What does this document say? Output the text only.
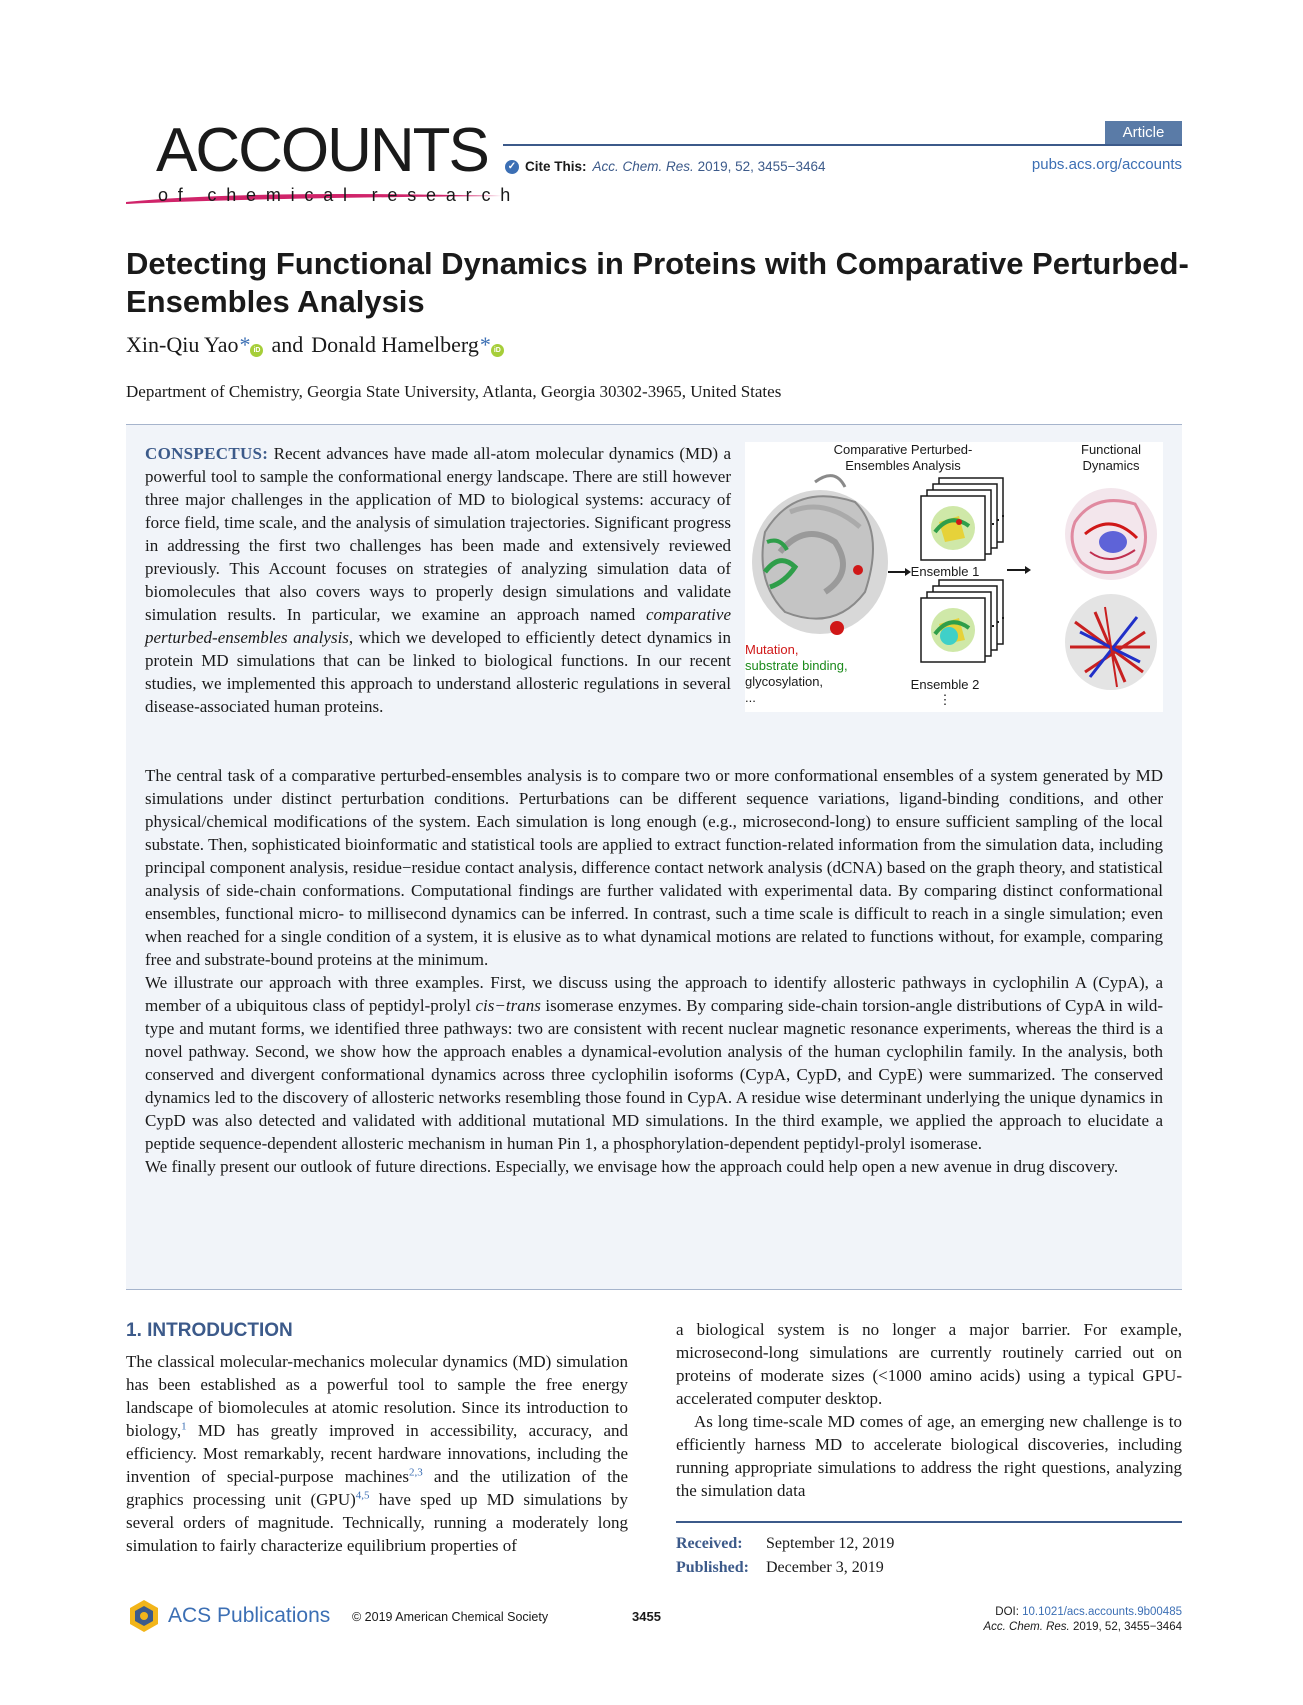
ACCOUNTS
of chemical research
Article
✓ Cite This: Acc. Chem. Res. 2019, 52, 3455−3464	pubs.acs.org/accounts
Detecting Functional Dynamics in Proteins with Comparative Perturbed-Ensembles Analysis
Xin-Qiu Yao * iD and Donald Hamelberg * iD
Department of Chemistry, Georgia State University, Atlanta, Georgia 30302-3965, United States
CONSPECTUS: Recent advances have made all-atom molecular dynamics (MD) a powerful tool to sample the conformational energy landscape. There are still however three major challenges in the application of MD to biological systems: accuracy of force field, time scale, and the analysis of simulation trajectories. Significant progress in addressing the first two challenges has been made and extensively reviewed previously. This Account focuses on strategies of analyzing simulation data of biomolecules that also covers ways to properly design simulations and validate simulation results. In particular, we examine an approach named comparative perturbed-ensembles analysis, which we developed to efficiently detect dynamics in protein MD simulations that can be linked to biological functions. In our recent studies, we implemented this approach to understand allosteric regulations in several disease-associated human proteins.
Comparative Perturbed-Ensembles Analysis
Functional Dynamics
Ensemble 1
Ensemble 2
⋮
Mutation,
substrate binding,
glycosylation,
...

The central task of a comparative perturbed-ensembles analysis is to compare two or more conformational ensembles of a system generated by MD simulations under distinct perturbation conditions. Perturbations can be different sequence variations, ligand-binding conditions, and other physical/chemical modifications of the system. Each simulation is long enough (e.g., microsecond-long) to ensure sufficient sampling of the local substate. Then, sophisticated bioinformatic and statistical tools are applied to extract function-related information from the simulation data, including principal component analysis, residue−residue contact analysis, difference contact network analysis (dCNA) based on the graph theory, and statistical analysis of side-chain conformations. Computational findings are further validated with experimental data. By comparing distinct conformational ensembles, functional micro- to millisecond dynamics can be inferred. In contrast, such a time scale is difficult to reach in a single simulation; even when reached for a single condition of a system, it is elusive as to what dynamical motions are related to functions without, for example, comparing free and substrate-bound proteins at the minimum.

We illustrate our approach with three examples. First, we discuss using the approach to identify allosteric pathways in cyclophilin A (CypA), a member of a ubiquitous class of peptidyl-prolyl cis−trans isomerase enzymes. By comparing side-chain torsion-angle distributions of CypA in wild-type and mutant forms, we identified three pathways: two are consistent with recent nuclear magnetic resonance experiments, whereas the third is a novel pathway. Second, we show how the approach enables a dynamical-evolution analysis of the human cyclophilin family. In the analysis, both conserved and divergent conformational dynamics across three cyclophilin isoforms (CypA, CypD, and CypE) were summarized. The conserved dynamics led to the discovery of allosteric networks resembling those found in CypA. A residue wise determinant underlying the unique dynamics in CypD was also detected and validated with additional mutational MD simulations. In the third example, we applied the approach to elucidate a peptide sequence-dependent allosteric mechanism in human Pin 1, a phosphorylation-dependent peptidyl-prolyl isomerase.

We finally present our outlook of future directions. Especially, we envisage how the approach could help open a new avenue in drug discovery.

1. INTRODUCTION
The classical molecular-mechanics molecular dynamics (MD) simulation has been established as a powerful tool to sample the free energy landscape of biomolecules at atomic resolution. Since its introduction to biology,$^1$ MD has greatly improved in accessibility, accuracy, and efficiency. Most remarkably, recent hardware innovations, including the invention of special-purpose machines$^{2,3}$ and the utilization of the graphics processing unit (GPU)$^{4,5}$ have sped up MD simulations by several orders of magnitude. Technically, running a moderately long simulation to fairly characterize equilibrium properties of

a biological system is no longer a major barrier. For example, microsecond-long simulations are currently routinely carried out on proteins of moderate sizes (<1000 amino acids) using a typical GPU-accelerated computer desktop.

As long time-scale MD comes of age, an emerging new challenge is to efficiently harness MD to accelerate biological discoveries, including running appropriate simulations to address the right questions, analyzing the simulation data

Received: September 12, 2019
Published: December 3, 2019
ACS Publications © 2019 American Chemical Society	3455	DOI: 10.1021/acs.accounts.9b00485
Acc. Chem. Res. 2019, 52, 3455−3464
